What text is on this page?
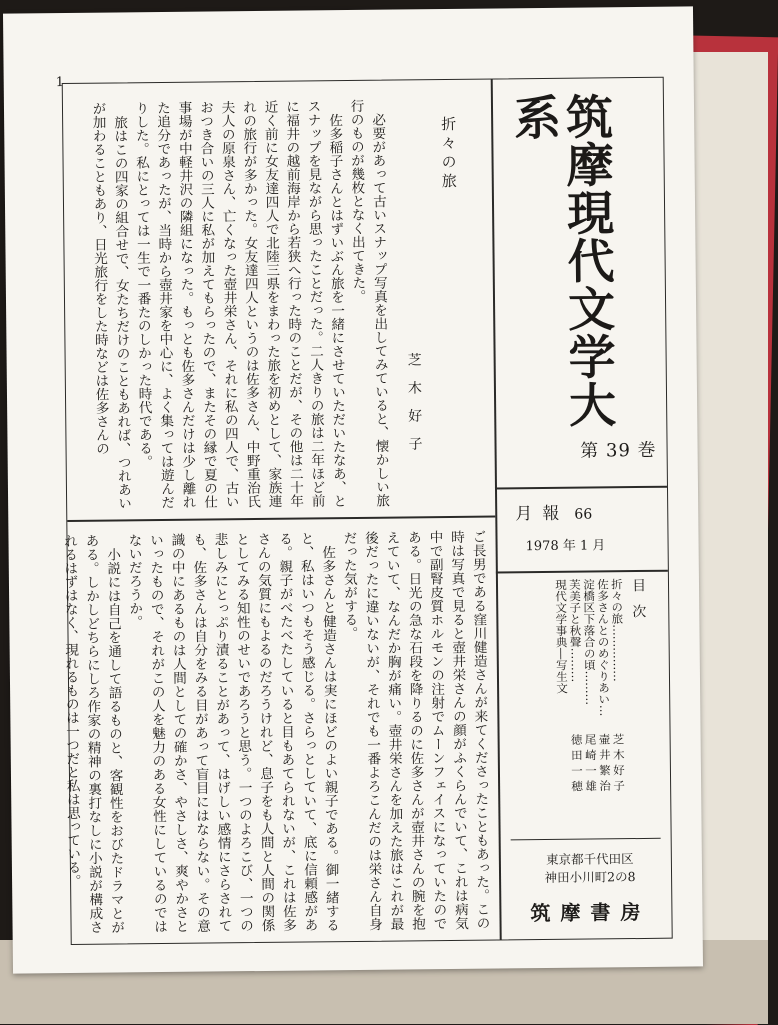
1
折々の旅
芝木好子

必要があって古いスナップ写真を出してみていると、懐かしい旅行のものが幾枚となく出てきた。

佐多稲子さんとはずいぶん旅を一緒にさせていただいたなあ、とスナップを見ながら思ったことだった。二人きりの旅は二年ほど前に福井の越前海岸から若狭へ行った時のことだが、その他は二十年近く前に女友達四人で北陸三県をまわった旅を初めとして、家族連れの旅行が多かった。女友達四人というのは佐多さん、中野重治氏夫人の原泉さん、亡くなった壺井栄さん、それに私の四人で、古いおつき合いの三人に私が加えてもらったので、またその縁で夏の仕事場が中軽井沢の隣組になった。もっとも佐多さんだけは少し離れた追分であったが、当時から壺井家を中心に、よく集っては遊んだりした。私にとっては一生で一番たのしかった時代である。

旅はこの四家の組合せで、女たちだけのこともあれば、つれあいが加わることもあり、日光旅行をした時などは佐多さんの

ご長男である窪川健造さんが来てくださったこともあった。この時は写真で見ると壺井栄さんの顔がふくらんでいて、これは病気中で副腎皮質ホルモンの注射でムーンフェイスになっていたのである。日光の急な石段を降りるのに佐多さんが壺井さんの腕を抱えていて、なんだか胸が痛い。壺井栄さんを加えた旅はこれが最後だったに違いないが、それでも一番よろこんだのは栄さん自身だった気がする。

佐多さんと健造さんは実にほどのよい親子である。御一緒すると、私はいつもそう感じる。さらっとしていて、底に信頼感がある。親子がべたべたしていると目もあてられないが、これは佐多さんの気質にもよるのだろうけれど、息子をも人間と人間の関係としてみる知性のせいであろうと思う。一つのよろこび、一つの悲しみにとっぷり漬ることがあって、はげしい感情にさらされても、佐多さんは自分をみる目があって盲目にはならない。その意識の中にあるものは人間としての確かさ、やさしさ、爽やかさといったもので、それがこの人を魅力のある女性にしているのではないだろうか。

小説には自己を通して語るものと、客観性をおびたドラマとがある。しかしどちらにしろ作家の精神の裏打なしに小説が構成されるはずはなく、現れるものは一つだと私は思っている。

筑摩現代文学大系
第 39 巻
月報 66
1978 年 1 月
目次
折々の旅……………
佐多さんとのめぐりあい…
淀橋区下落合の頃………
芙美子と秋聲………
現代文学事典―写生文
芝木好子
壷井繁治
尾崎一雄
徳田一穂
東京都千代田区
神田小川町2の8
筑摩書房
